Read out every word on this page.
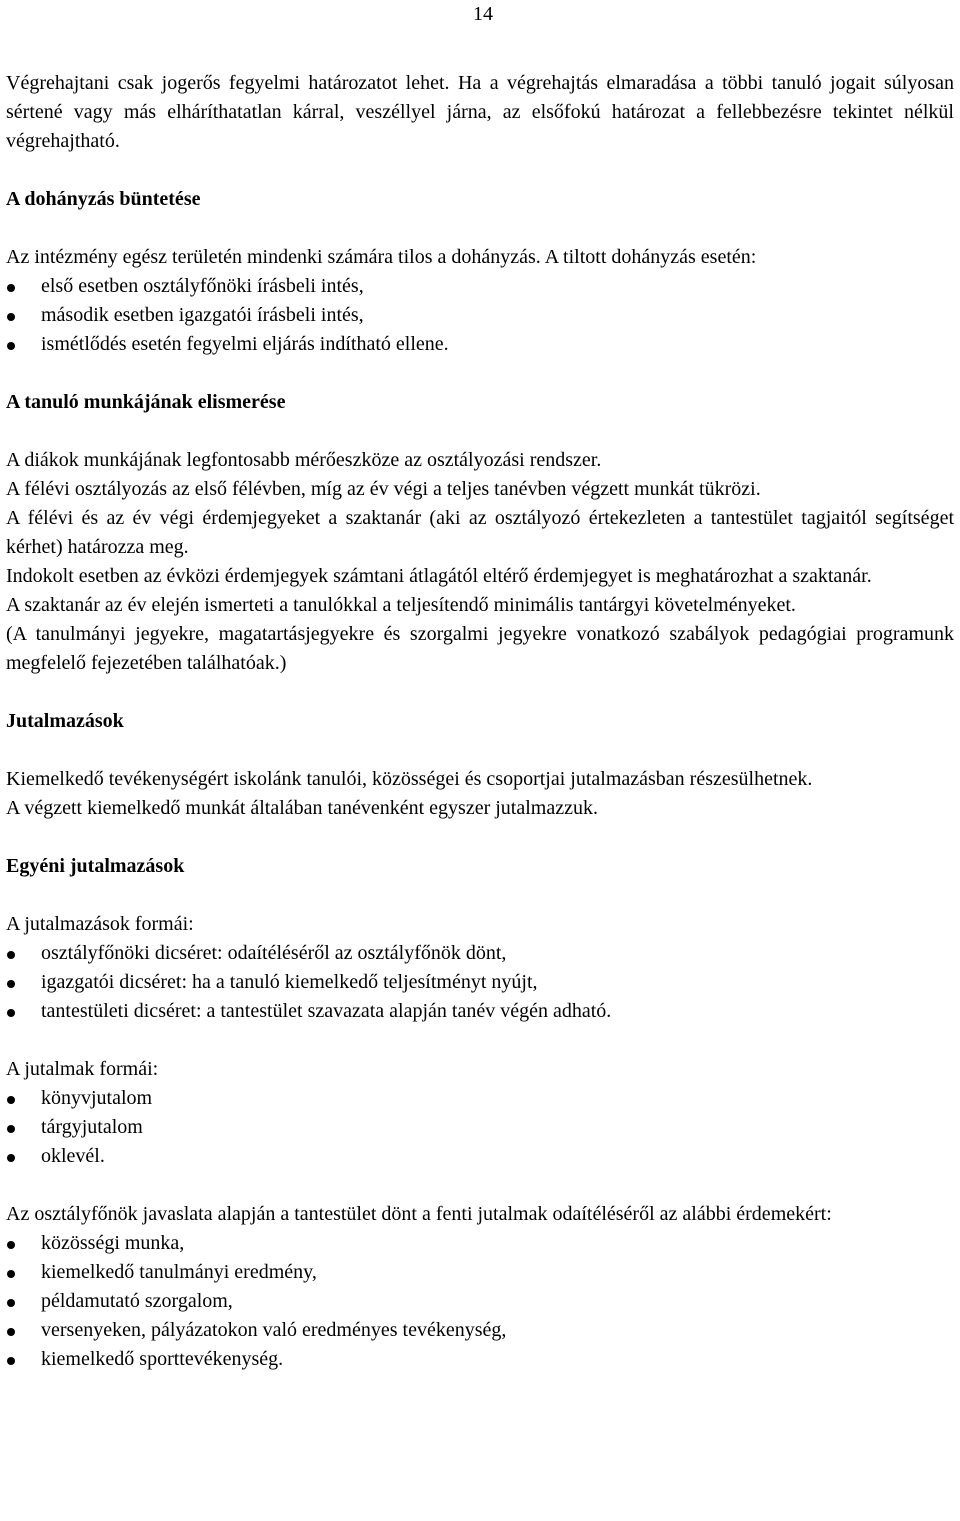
14

Végrehajtani csak jogerős fegyelmi határozatot lehet. Ha a végrehajtás elmaradása a többi tanuló jogait súlyosan sértené vagy más elháríthatatlan kárral, veszéllyel járna, az elsőfokú határozat a fellebbezésre tekintet nélkül végrehajtható.

A dohányzás büntetése

Az intézmény egész területén mindenki számára tilos a dohányzás. A tiltott dohányzás esetén:

első esetben osztályfőnöki írásbeli intés,
második esetben igazgatói írásbeli intés,
ismétlődés esetén fegyelmi eljárás indítható ellene.
A tanuló munkájának elismerése

A diákok munkájának legfontosabb mérőeszköze az osztályozási rendszer.

A félévi osztályozás az első félévben, míg az év végi a teljes tanévben végzett munkát tükrözi.

A félévi és az év végi érdemjegyeket a szaktanár (aki az osztályozó értekezleten a tantestület tagjaitól segítséget kérhet) határozza meg.

Indokolt esetben az évközi érdemjegyek számtani átlagától eltérő érdemjegyet is meghatározhat a szaktanár.

A szaktanár az év elején ismerteti a tanulókkal a teljesítendő minimális tantárgyi követelményeket.

(A tanulmányi jegyekre, magatartásjegyekre és szorgalmi jegyekre vonatkozó szabályok pedagógiai programunk megfelelő fejezetében találhatóak.)

Jutalmazások

Kiemelkedő tevékenységért iskolánk tanulói, közösségei és csoportjai jutalmazásban részesülhetnek.

A végzett kiemelkedő munkát általában tanévenként egyszer jutalmazzuk.

Egyéni jutalmazások

A jutalmazások formái:

osztályfőnöki dicséret: odaítéléséről az osztályfőnök dönt,
igazgatói dicséret: ha a tanuló kiemelkedő teljesítményt nyújt,
tantestületi dicséret: a tantestület szavazata alapján tanév végén adható.

A jutalmak formái:

könyvjutalom
tárgyjutalom
oklevél.

Az osztályfőnök javaslata alapján a tantestület dönt a fenti jutalmak odaítéléséről az alábbi érdemekért:

közösségi munka,
kiemelkedő tanulmányi eredmény,
példamutató szorgalom,
versenyeken, pályázatokon való eredményes tevékenység,
kiemelkedő sporttevékenység.
